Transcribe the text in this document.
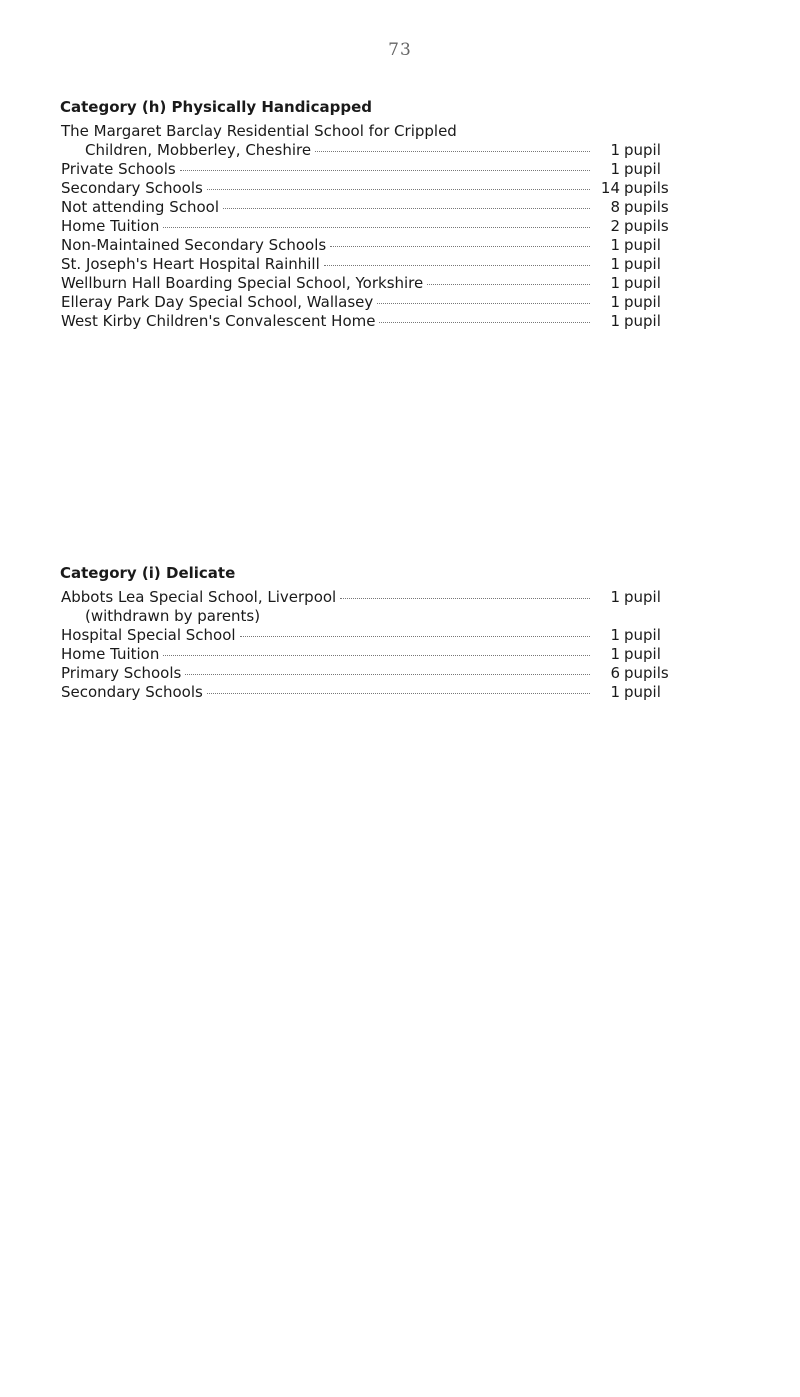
73
Category (h) Physically Handicapped
The Margaret Barclay Residential School for Crippled
Children, Mobberley, Cheshire	1 pupil
Private Schools	1 pupil
Secondary Schools	14 pupils
Not attending School	8 pupils
Home Tuition	2 pupils
Non-Maintained Secondary Schools	1 pupil
St. Joseph's Heart Hospital Rainhill	1 pupil
Wellburn Hall Boarding Special School, Yorkshire	1 pupil
Elleray Park Day Special School, Wallasey	1 pupil
West Kirby Children's Convalescent Home	1 pupil
Category (i) Delicate
Abbots Lea Special School, Liverpool	1 pupil
(withdrawn by parents)
Hospital Special School	1 pupil
Home Tuition	1 pupil
Primary Schools	6 pupils
Secondary Schools	1 pupil
